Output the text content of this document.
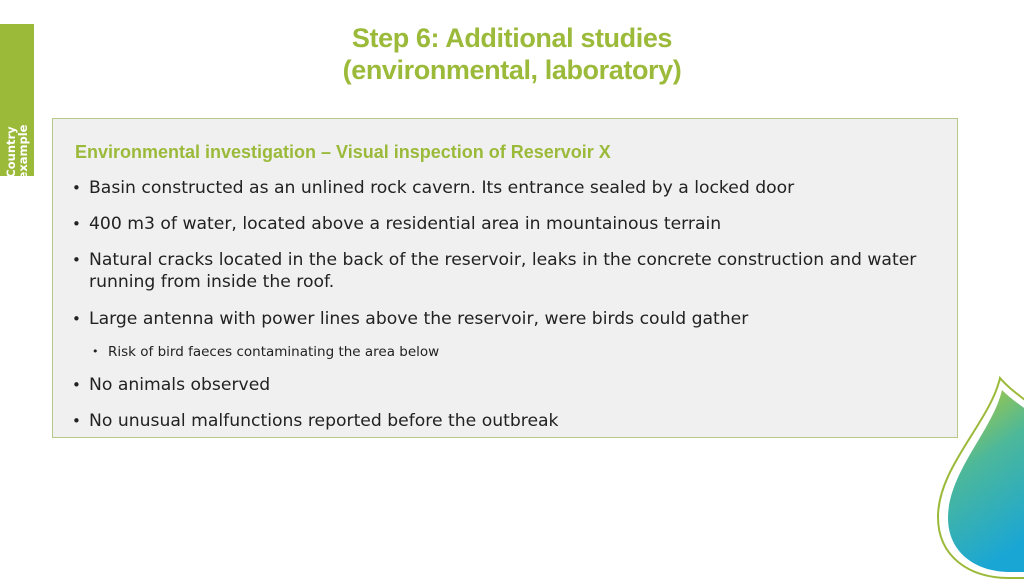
Country
example
Step 6: Additional studies
(environmental, laboratory)
Environmental investigation – Visual inspection of Reservoir X
• Basin constructed as an unlined rock cavern. Its entrance sealed by a locked door
• 400 m3 of water, located above a residential area in mountainous terrain
• Natural cracks located in the back of the reservoir, leaks in the concrete construction and water running from inside the roof.
• Large antenna with power lines above the reservoir, were birds could gather
• Risk of bird faeces contaminating the area below
• No animals observed
• No unusual malfunctions reported before the outbreak
